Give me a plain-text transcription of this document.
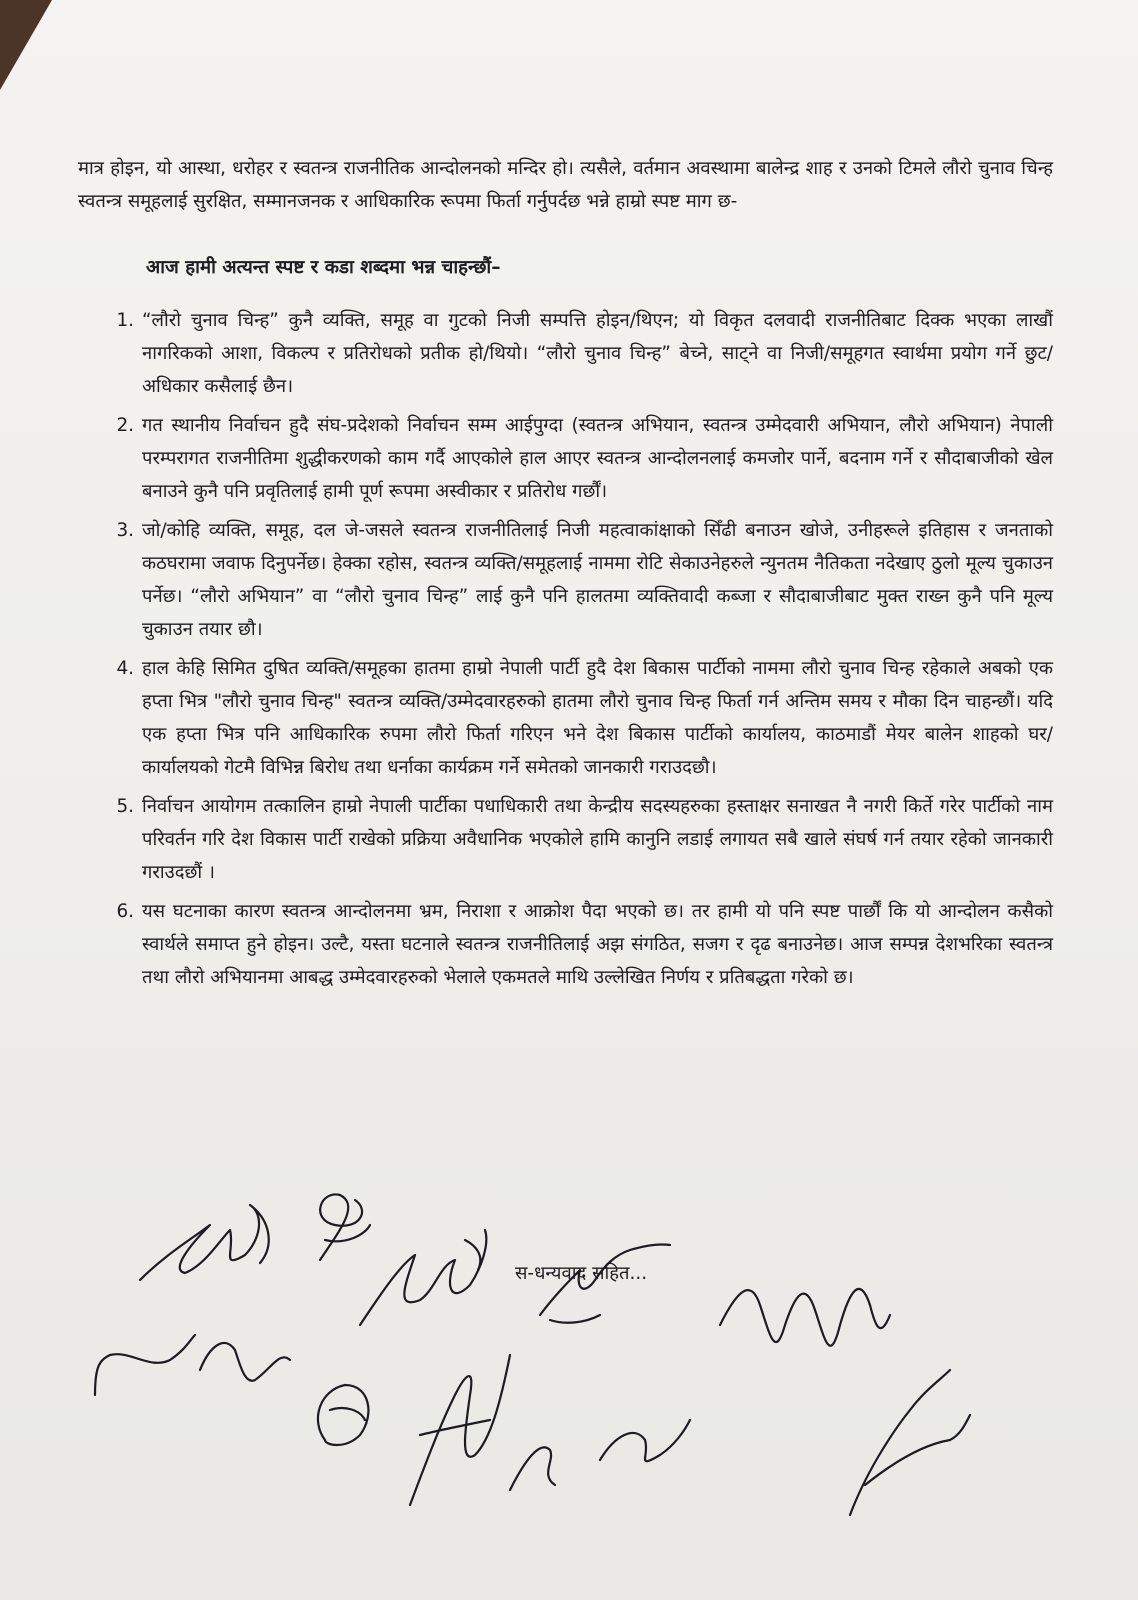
मात्र होइन, यो आस्था, धरोहर र स्वतन्त्र राजनीतिक आन्दोलनको मन्दिर हो। त्यसैले, वर्तमान अवस्थामा बालेन्द्र शाह र उनको टिमले लौरो चुनाव चिन्ह स्वतन्त्र समूहलाई सुरक्षित, सम्मानजनक र आधिकारिक रूपमा फिर्ता गर्नुपर्दछ भन्ने हाम्रो स्पष्ट माग छ-

आज हामी अत्यन्त स्पष्ट र कडा शब्दमा भन्न चाहन्छौं–

1. “लौरो चुनाव चिन्ह” कुनै व्यक्ति, समूह वा गुटको निजी सम्पत्ति होइन/थिएन; यो विकृत दलवादी राजनीतिबाट दिक्क भएका लाखौं नागरिकको आशा, विकल्प र प्रतिरोधको प्रतीक हो/थियो। “लौरो चुनाव चिन्ह” बेच्ने, साट्ने वा निजी/समूहगत स्वार्थमा प्रयोग गर्ने छुट/अधिकार कसैलाई छैन।
2. गत स्थानीय निर्वाचन हुदै संघ-प्रदेशको निर्वाचन सम्म आईपुग्दा (स्वतन्त्र अभियान, स्वतन्त्र उम्मेदवारी अभियान, लौरो अभियान) नेपाली परम्परागत राजनीतिमा शुद्धीकरणको काम गर्दै आएकोले हाल आएर स्वतन्त्र आन्दोलनलाई कमजोर पार्ने, बदनाम गर्ने र सौदाबाजीको खेल बनाउने कुनै पनि प्रवृतिलाई हामी पूर्ण रूपमा अस्वीकार र प्रतिरोध गर्छौं।
3. जो/कोहि व्यक्ति, समूह, दल जे-जसले स्वतन्त्र राजनीतिलाई निजी महत्वाकांक्षाको सिँढी बनाउन खोजे, उनीहरूले इतिहास र जनताको कठघरामा जवाफ दिनुपर्नेछ। हेक्का रहोस, स्वतन्त्र व्यक्ति/समूहलाई नाममा रोटि सेकाउनेहरुले न्युनतम नैतिकता नदेखाए ठुलो मूल्य चुकाउन पर्नेछ। “लौरो अभियान” वा “लौरो चुनाव चिन्ह” लाई कुनै पनि हालतमा व्यक्तिवादी कब्जा र सौदाबाजीबाट मुक्त राख्न कुनै पनि मूल्य चुकाउन तयार छौ।
4. हाल केहि सिमित दुषित व्यक्ति/समूहका हातमा हाम्रो नेपाली पार्टी हुदै देश बिकास पार्टीको नाममा लौरो चुनाव चिन्ह रहेकाले अबको एक हप्ता भित्र "लौरो चुनाव चिन्ह" स्वतन्त्र व्यक्ति/उम्मेदवारहरुको हातमा लौरो चुनाव चिन्ह फिर्ता गर्न अन्तिम समय र मौका दिन चाहन्छौं। यदि एक हप्ता भित्र पनि आधिकारिक रुपमा लौरो फिर्ता गरिएन भने देश बिकास पार्टीको कार्यालय, काठमाडौं मेयर बालेन शाहको घर/कार्यालयको गेटमै विभिन्न बिरोध तथा धर्नाका कार्यक्रम गर्ने समेतको जानकारी गराउदछौ।
5. निर्वाचन आयोगम तत्कालिन हाम्रो नेपाली पार्टीका पधाधिकारी तथा केन्द्रीय सदस्यहरुका हस्ताक्षर सनाखत नै नगरी किर्ते गरेर पार्टीको नाम परिवर्तन गरि देश विकास पार्टी राखेको प्रक्रिया अवैधानिक भएकोले हामि कानुनि लडाई लगायत सबै खाले संघर्ष गर्न तयार रहेको जानकारी गराउदछौं ।
6. यस घटनाका कारण स्वतन्त्र आन्दोलनमा भ्रम, निराशा र आक्रोश पैदा भएको छ। तर हामी यो पनि स्पष्ट पार्छौं कि यो आन्दोलन कसैको स्वार्थले समाप्त हुने होइन। उल्टै, यस्ता घटनाले स्वतन्त्र राजनीतिलाई अझ संगठित, सजग र दृढ बनाउनेछ। आज सम्पन्न देशभरिका स्वतन्त्र तथा लौरो अभियानमा आबद्ध उम्मेदवारहरुको भेलाले एकमतले माथि उल्लेखित निर्णय र प्रतिबद्धता गरेको छ।
स-धन्यवाद सहित...
